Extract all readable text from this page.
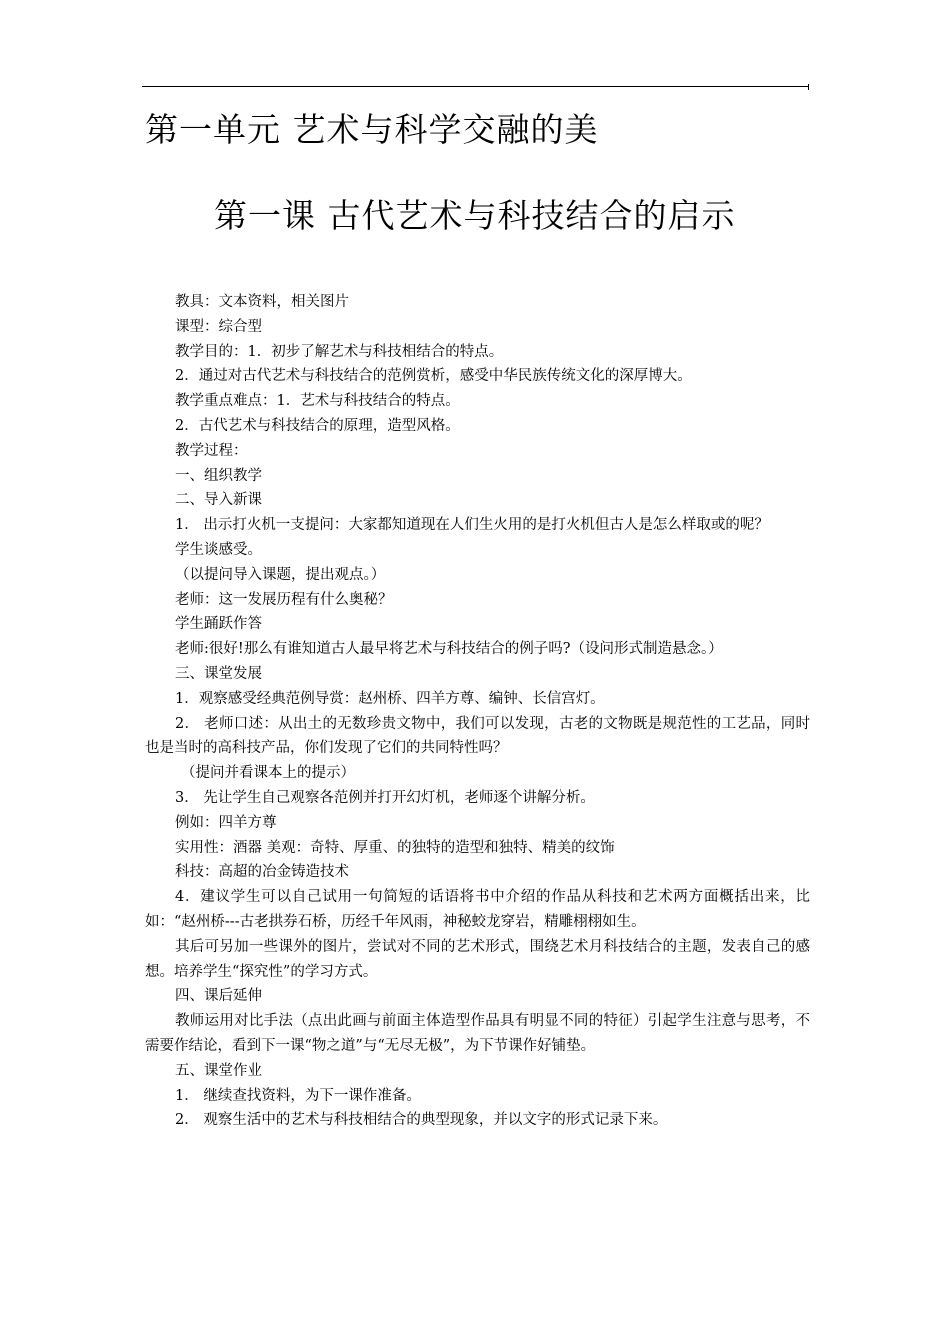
第一单元 艺术与科学交融的美
第一课 古代艺术与科技结合的启示

教具：文本资料，相关图片

课型：综合型

教学目的：1．初步了解艺术与科技相结合的特点。

2．通过对古代艺术与科技结合的范例赏析，感受中华民族传统文化的深厚博大。

教学重点难点：1．艺术与科技结合的特点。

2．古代艺术与科技结合的原理，造型风格。

教学过程：

一、组织教学

二、导入新课

1． 出示打火机一支提问：大家都知道现在人们生火用的是打火机但古人是怎么样取或的呢？

学生谈感受。

（以提问导入课题，提出观点。）

老师：这一发展历程有什么奥秘？

学生踊跃作答

老师:很好!那么有谁知道古人最早将艺术与科技结合的例子吗?（设问形式制造悬念。）

三、课堂发展

1．观察感受经典范例导赏：赵州桥、四羊方尊、编钟、长信宫灯。

2． 老师口述：从出土的无数珍贵文物中，我们可以发现，古老的文物既是规范性的工艺品，同时也是当时的高科技产品，你们发现了它们的共同特性吗？

（提问并看课本上的提示）

3． 先让学生自己观察各范例并打开幻灯机，老师逐个讲解分析。

例如：四羊方尊

实用性：酒器 美观：奇特、厚重、的独特的造型和独特、精美的纹饰

科技：高超的冶金铸造技术

4．建议学生可以自己试用一句简短的话语将书中介绍的作品从科技和艺术两方面概括出来，比如：“赵州桥---古老拱券石桥，历经千年风雨，神秘蛟龙穿岩，精雕栩栩如生。

其后可另加一些课外的图片，尝试对不同的艺术形式，围绕艺术月科技结合的主题，发表自己的感想。培养学生“探究性”的学习方式。

四、课后延伸

教师运用对比手法（点出此画与前面主体造型作品具有明显不同的特征）引起学生注意与思考，不需要作结论，看到下一课“物之道”与“无尽无极”，为下节课作好铺垫。

五、课堂作业

1． 继续查找资料，为下一课作准备。

2． 观察生活中的艺术与科技相结合的典型现象，并以文字的形式记录下来。
